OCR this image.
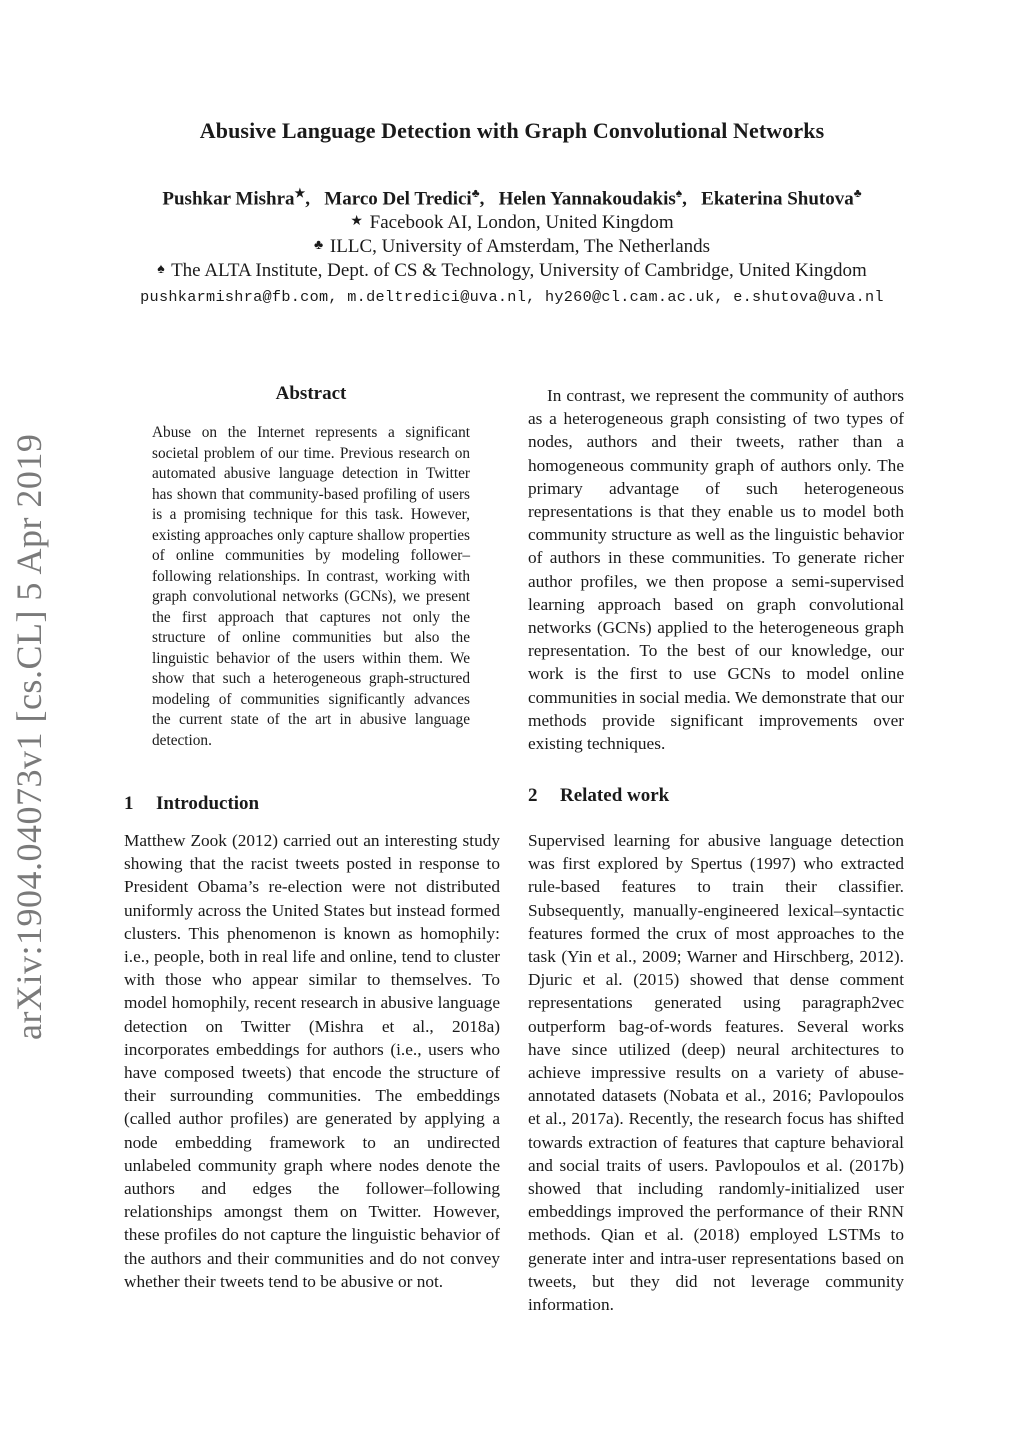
Abusive Language Detection with Graph Convolutional Networks
Pushkar Mishra★,   Marco Del Tredici♣,   Helen Yannakoudakis♠,   Ekaterina Shutova♣
★ Facebook AI, London, United Kingdom
♣ ILLC, University of Amsterdam, The Netherlands
♠ The ALTA Institute, Dept. of CS & Technology, University of Cambridge, United Kingdom
pushkarmishra@fb.com, m.deltredici@uva.nl, hy260@cl.cam.ac.uk, e.shutova@uva.nl
arXiv:1904.04073v1 [cs.CL] 5 Apr 2019
Abstract
Abuse on the Internet represents a significant societal problem of our time. Previous research on automated abusive language detection in Twitter has shown that community-based profiling of users is a promising technique for this task. However, existing approaches only capture shallow properties of online communities by modeling follower–following relationships. In contrast, working with graph convolutional networks (GCNs), we present the first approach that captures not only the structure of online communities but also the linguistic behavior of the users within them. We show that such a heterogeneous graph-structured modeling of communities significantly advances the current state of the art in abusive language detection.
1 Introduction

Matthew Zook (2012) carried out an interesting study showing that the racist tweets posted in response to President Obama’s re-election were not distributed uniformly across the United States but instead formed clusters. This phenomenon is known as homophily: i.e., people, both in real life and online, tend to cluster with those who appear similar to themselves. To model homophily, recent research in abusive language detection on Twitter (Mishra et al., 2018a) incorporates embeddings for authors (i.e., users who have composed tweets) that encode the structure of their surrounding communities. The embeddings (called author profiles) are generated by applying a node embedding framework to an undirected unlabeled community graph where nodes denote the authors and edges the follower–following relationships amongst them on Twitter. However, these profiles do not capture the linguistic behavior of the authors and their communities and do not convey whether their tweets tend to be abusive or not.

In contrast, we represent the community of authors as a heterogeneous graph consisting of two types of nodes, authors and their tweets, rather than a homogeneous community graph of authors only. The primary advantage of such heterogeneous representations is that they enable us to model both community structure as well as the linguistic behavior of authors in these communities. To generate richer author profiles, we then propose a semi-supervised learning approach based on graph convolutional networks (GCNs) applied to the heterogeneous graph representation. To the best of our knowledge, our work is the first to use GCNs to model online communities in social media. We demonstrate that our methods provide significant improvements over existing techniques.

2 Related work

Supervised learning for abusive language detection was first explored by Spertus (1997) who extracted rule-based features to train their classifier. Subsequently, manually-engineered lexical–syntactic features formed the crux of most approaches to the task (Yin et al., 2009; Warner and Hirschberg, 2012). Djuric et al. (2015) showed that dense comment representations generated using paragraph2vec outperform bag-of-words features. Several works have since utilized (deep) neural architectures to achieve impressive results on a variety of abuse-annotated datasets (Nobata et al., 2016; Pavlopoulos et al., 2017a). Recently, the research focus has shifted towards extraction of features that capture behavioral and social traits of users. Pavlopoulos et al. (2017b) showed that including randomly-initialized user embeddings improved the performance of their RNN methods. Qian et al. (2018) employed LSTMs to generate inter and intra-user representations based on tweets, but they did not leverage community information.
